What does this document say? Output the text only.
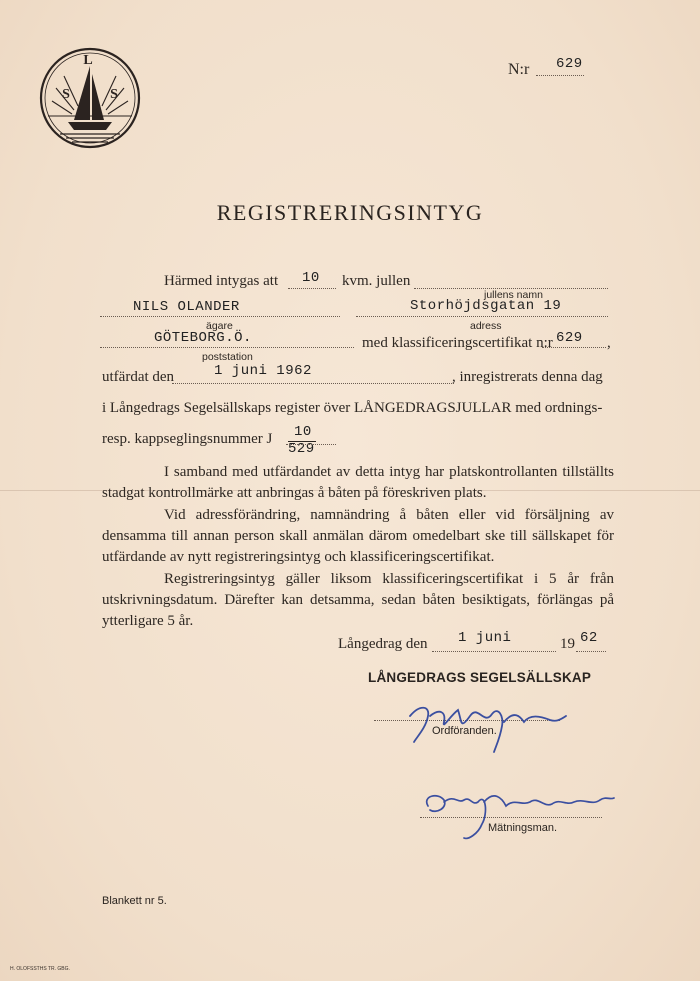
L
S	S
N:r 629
REGISTRERINGSINTYG
Härmed intygas att 10 kvm. jullen
jullens namn
NILS OLANDER	Storhöjdsgatan 19
ägare	adress
GÖTEBORG.Ö.	med klassificeringscertifikat n:r 629 ,
poststation
utfärdat den	1 juni 1962	, inregistrerats denna dag
i Långedrags Segelsällskaps register över LÅNGEDRAGSJULLAR med ordnings-
resp. kappseglingsnummer J 10
529
I samband med utfärdandet av detta intyg har platskontrollanten tillställts stadgat kontrollmärke att anbringas å båten på föreskriven plats.
Vid adressförändring, namnändring å båten eller vid försäljning av densamma till annan person skall anmälan därom omedelbart ske till sällskapet för utfärdande av nytt registreringsintyg och klassificeringscertifikat.
Registreringsintyg gäller liksom klassificeringscertifikat i 5 år från utskrivningsdatum. Därefter kan detsamma, sedan båten besiktigats, förlängas på ytterligare 5 år.
Långedrag den 1 juni	19 62
LÅNGEDRAGS SEGELSÄLLSKAP
Ordföranden.
Mätningsman.
Blankett nr 5.
H. OLOFSSTHS TR. GBG.
